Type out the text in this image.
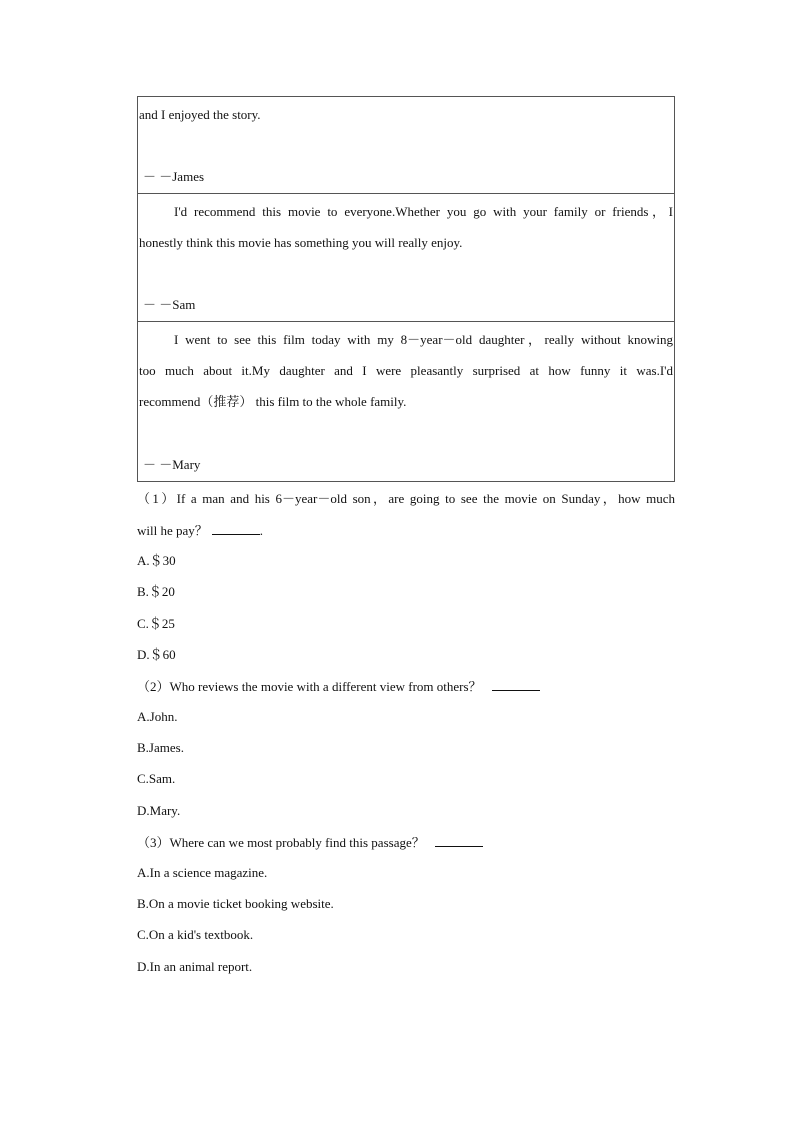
and I enjoyed the story.
－ －James

I'd recommend this movie to everyone.Whether you go with your family or friends，I
honestly think this movie has something you will really enjoy.
－ －Sam

I went to see this film today with my 8－year－old daughter，really without knowing
too much about it.My daughter and I were pleasantly surprised at how funny it was.I'd
recommend（推荐） this film to the whole family.
－ －Mary
（1）If a man and his 6－year－old son，are going to see the movie on Sunday，how much
will he pay？	.
A.＄30
B.＄20
C.＄25
D.＄60
（2）Who reviews the movie with a different view from others？
A.John.
B.James.
C.Sam.
D.Mary.
（3）Where can we most probably find this passage？
A.In a science magazine.
B.On a movie ticket booking website.
C.On a kid's textbook.
D.In an animal report.
